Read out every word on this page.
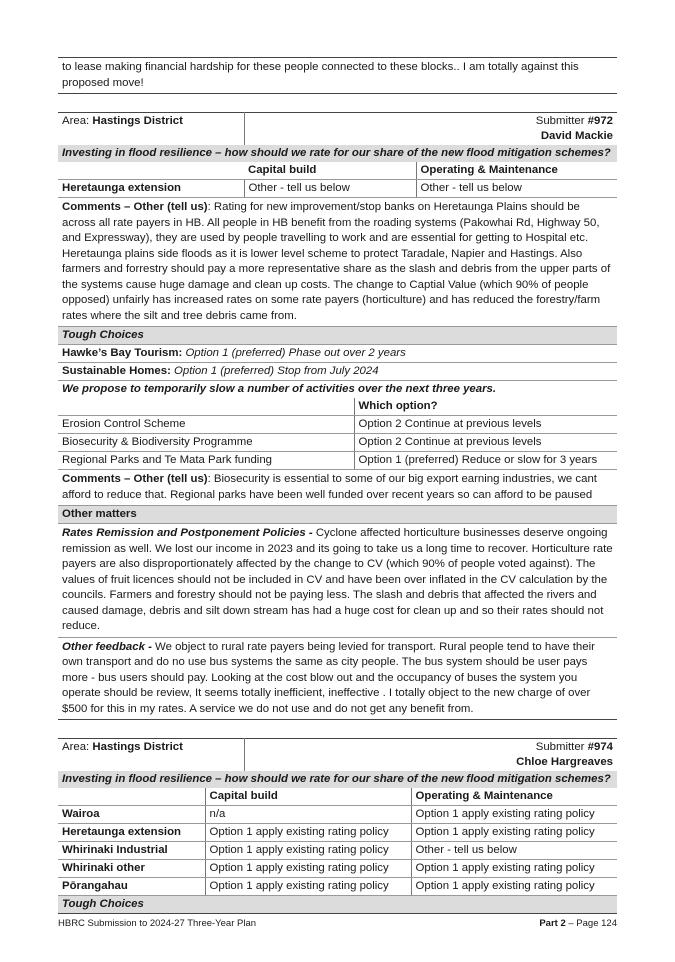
to lease making financial hardship for these people connected to these blocks.. I am totally against this proposed move!
Area: Hastings District	Submitter #972
David Mackie	
Investing in flood resilience – how should we rate for our share of the new flood mitigation schemes?		
	Capital build	Operating & Maintenance
Heretaunga extension	Other - tell us below	Other - tell us below
Comments – Other (tell us): Rating for new improvement/stop banks on Heretaunga Plains should be across all rate payers in HB. All people in HB benefit from the roading systems (Pakowhai Rd, Highway 50, and Expressway), they are used by people travelling to work and are essential for getting to Hospital etc. Heretaunga plains side floods as it is lower level scheme to protect Taradale, Napier and Hastings. Also farmers and forrestry should pay a more representative share as the slash and debris from the upper parts of the systems cause huge damage and clean up costs. The change to Captial Value (which 90% of people opposed) unfairly has increased rates on some rate payers (horticulture) and has reduced the forestry/farm rates where the silt and tree debris came from.		
Tough Choices		
Hawke’s Bay Tourism: Option 1 (preferred) Phase out over 2 years		
Sustainable Homes: Option 1 (preferred) Stop from July 2024		
We propose to temporarily slow a number of activities over the next three years.		
	Which option?
Erosion Control Scheme	Option 2 Continue at previous levels
Biosecurity & Biodiversity Programme	Option 2 Continue at previous levels
Regional Parks and Te Mata Park funding	Option 1 (preferred) Reduce or slow for 3 years
Comments – Other (tell us): Biosecurity is essential to some of our big export earning industries, we cant afford to reduce that. Regional parks have been well funded over recent years so can afford to be paused	
Other matters	
Rates Remission and Postponement Policies - Cyclone affected horticulture businesses deserve ongoing remission as well. We lost our income in 2023 and its going to take us a long time to recover. Horticulture rate payers are also disproportionately affected by the change to CV (which 90% of people voted against). The values of fruit licences should not be included in CV and have been over inflated in the CV calculation by the councils. Farmers and forestry should not be paying less. The slash and debris that affected the rivers and caused damage, debris and silt down stream has had a huge cost for clean up and so their rates should not reduce.	
Other feedback - We object to rural rate payers being levied for transport. Rural people tend to have their own transport and do no use bus systems the same as city people. The bus system should be user pays more - bus users should pay. Looking at the cost blow out and the occupancy of buses the system you operate should be review, It seems totally inefficient, ineffective . I totally object to the new charge of over $500 for this in my rates. A service we do not use and do not get any benefit from.	
Area: Hastings District	Submitter #974
Chloe Hargreaves
Investing in flood resilience – how should we rate for our share of the new flood mitigation schemes?
	Capital build	Operating & Maintenance
Wairoa	n/a	Option 1 apply existing rating policy
Heretaunga extension	Option 1 apply existing rating policy	Option 1 apply existing rating policy
Whirinaki Industrial	Option 1 apply existing rating policy	Other - tell us below
Whirinaki other	Option 1 apply existing rating policy	Option 1 apply existing rating policy
Pōrangahau	Option 1 apply existing rating policy	Option 1 apply existing rating policy
Tough Choices		
HBRC Submission to 2024-27 Three-Year Plan	Part 2 – Page 124
